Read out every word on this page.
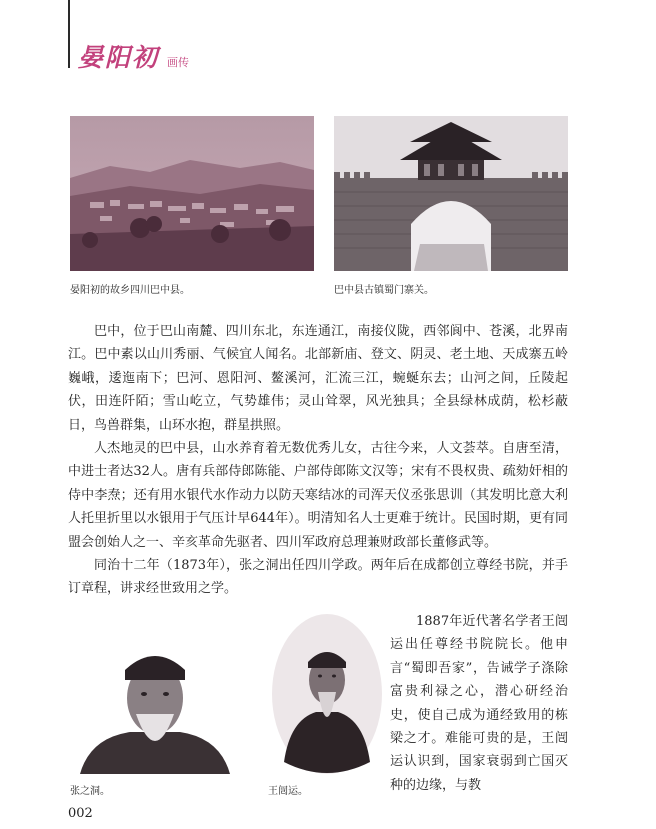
晏阳初 画传
晏阳初的故乡四川巴中县。	巴中县古镇蜀门寨关。

巴中，位于巴山南麓、四川东北，东连通江，南接仪陇，西邻阆中、苍溪，北界南江。巴中素以山川秀丽、气候宜人闻名。北部新庙、登文、阴灵、老土地、天成寨五岭巍峨，逶迤南下；巴河、恩阳河、鳌溪河，汇流三江，蜿蜒东去；山河之间，丘陵起伏，田连阡陌；雪山屹立，气势雄伟；灵山耸翠，风光独具；全县绿林成荫，松杉蔽日，鸟兽群集，山环水抱，群星拱照。

人杰地灵的巴中县，山水养育着无数优秀儿女，古往今来，人文荟萃。自唐至清，中进士者达32人。唐有兵部侍郎陈能、户部侍郎陈文汉等；宋有不畏权贵、疏劾奸相的侍中李焘；还有用水银代水作动力以防天寒结冰的司浑天仪丞张思训（其发明比意大利人托里折里以水银用于气压计早644年）。明清知名人士更难于统计。民国时期，更有同盟会创始人之一、辛亥革命先驱者、四川军政府总理兼财政部长董修武等。

同治十二年（1873年），张之洞出任四川学政。两年后在成都创立尊经书院，并手订章程，讲求经世致用之学。

张之洞。	王闿运。

1887年近代著名学者王闿运出任尊经书院院长。他申言“蜀即吾家”，告诫学子涤除富贵利禄之心，潜心研经治史，使自己成为通经致用的栋梁之才。难能可贵的是，王闿运认识到，国家衰弱到亡国灭种的边缘，与教

002
